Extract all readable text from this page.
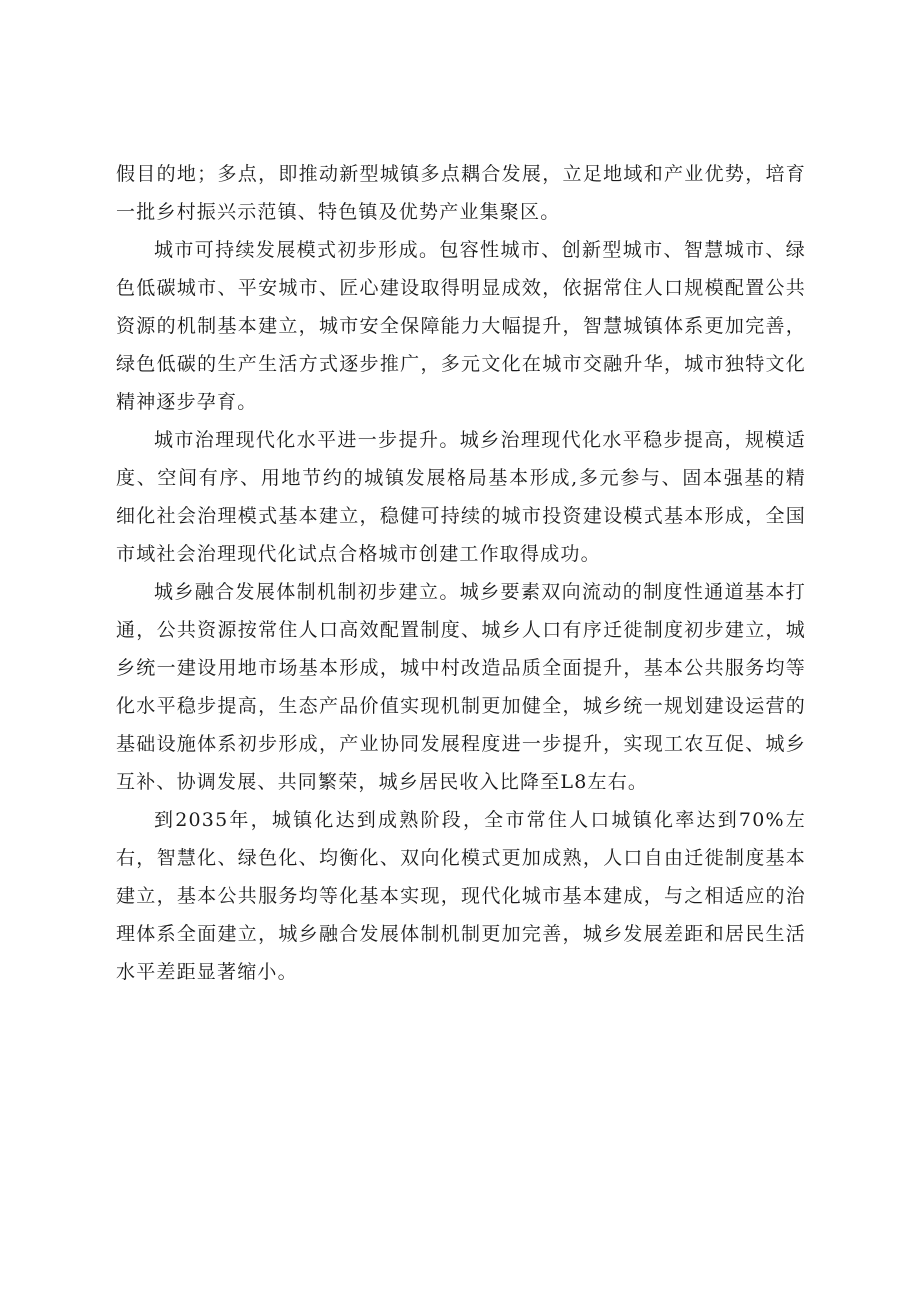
假目的地；多点，即推动新型城镇多点耦合发展，立足地域和产业优势，培育一批乡村振兴示范镇、特色镇及优势产业集聚区。

城市可持续发展模式初步形成。包容性城市、创新型城市、智慧城市、绿色低碳城市、平安城市、匠心建设取得明显成效，依据常住人口规模配置公共资源的机制基本建立，城市安全保障能力大幅提升，智慧城镇体系更加完善，绿色低碳的生产生活方式逐步推广，多元文化在城市交融升华，城市独特文化精神逐步孕育。

城市治理现代化水平进一步提升。城乡治理现代化水平稳步提高，规模适度、空间有序、用地节约的城镇发展格局基本形成,多元参与、固本强基的精细化社会治理模式基本建立，稳健可持续的城市投资建设模式基本形成，全国市域社会治理现代化试点合格城市创建工作取得成功。

城乡融合发展体制机制初步建立。城乡要素双向流动的制度性通道基本打通，公共资源按常住人口高效配置制度、城乡人口有序迁徙制度初步建立，城乡统一建设用地市场基本形成，城中村改造品质全面提升，基本公共服务均等化水平稳步提高，生态产品价值实现机制更加健全，城乡统一规划建设运营的基础设施体系初步形成，产业协同发展程度进一步提升，实现工农互促、城乡互补、协调发展、共同繁荣，城乡居民收入比降至L8左右。

到2035年，城镇化达到成熟阶段，全市常住人口城镇化率达到70%左右，智慧化、绿色化、均衡化、双向化模式更加成熟，人口自由迁徙制度基本建立，基本公共服务均等化基本实现，现代化城市基本建成，与之相适应的治理体系全面建立，城乡融合发展体制机制更加完善，城乡发展差距和居民生活水平差距显著缩小。
